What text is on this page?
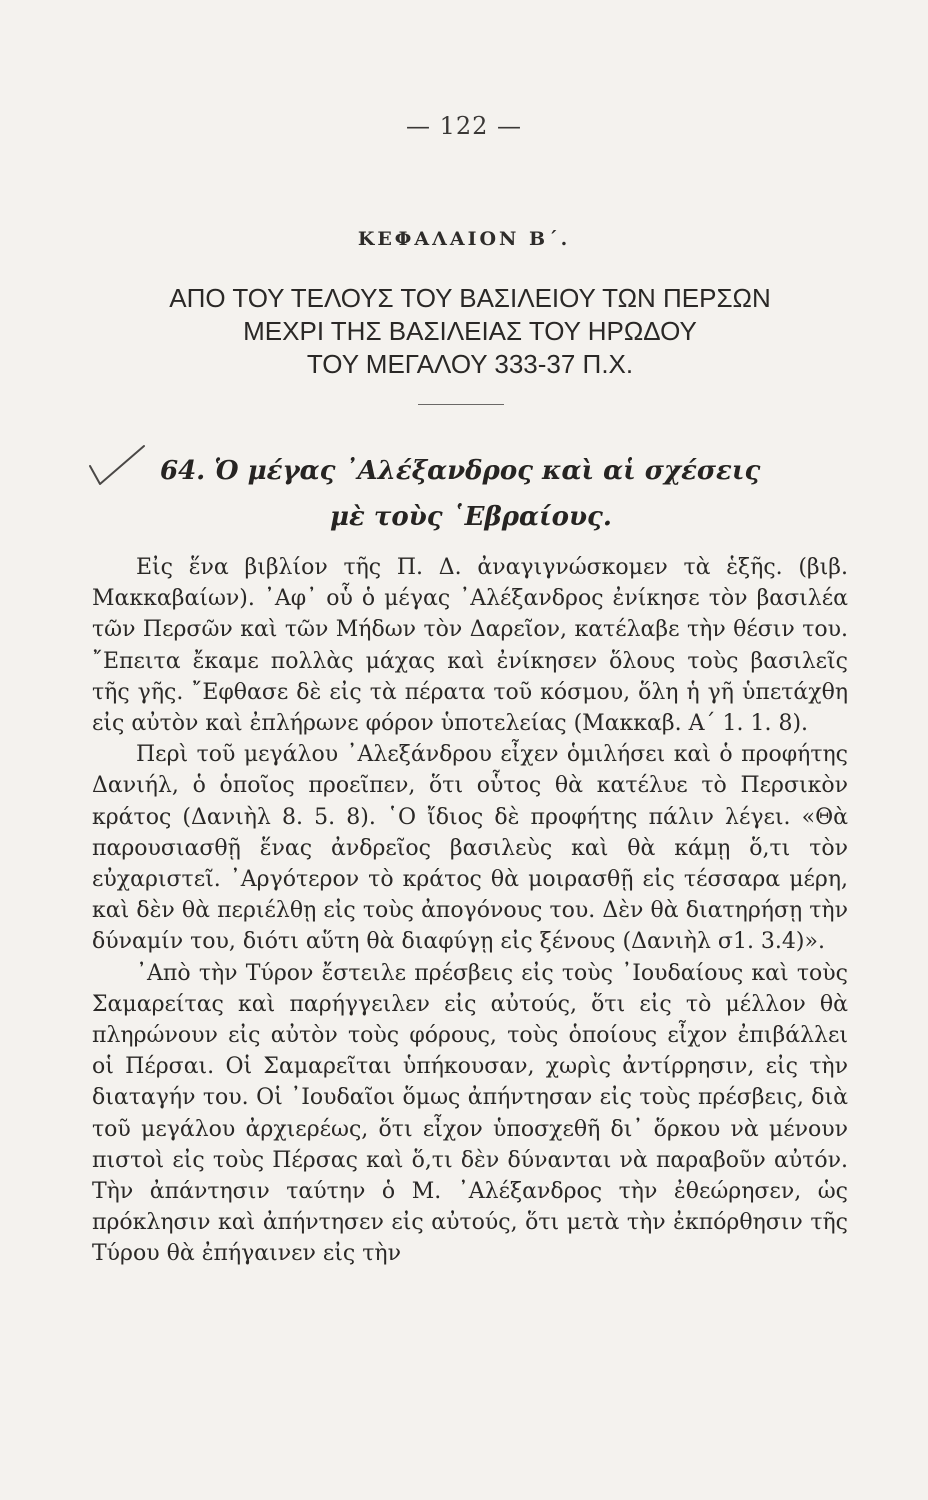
— 122 —
ΚΕΦΑΛΑΙΟΝ Β΄.
ΑΠΟ ΤΟΥ ΤΕΛΟΥΣ ΤΟΥ ΒΑΣΙΛΕΙΟΥ ΤΩΝ ΠΕΡΣΩΝ
ΜΕΧΡΙ ΤΗΣ ΒΑΣΙΛΕΙΑΣ ΤΟΥ ΗΡΩΔΟΥ
ΤΟΥ ΜΕΓΑΛΟΥ 333-37 Π.Χ.
64. Ὁ μέγας ᾿Αλέξανδρος καὶ αἱ σχέσεις
μὲ τοὺς ῾Εβραίους.

Εἰς ἕνα βιβλίον τῆς Π. Δ. ἀναγιγνώσκομεν τὰ ἑξῆς. (βιβ. Μακκαβαίων). ᾿Αφ᾿ οὗ ὁ μέγας ᾿Αλέξανδρος ἐνίκησε τὸν βασιλέα τῶν Περσῶν καὶ τῶν Μήδων τὸν Δαρεῖον, κατέλαβε τὴν θέσιν του. ῎Επειτα ἔκαμε πολλὰς μάχας καὶ ἐνίκησεν ὅλους τοὺς βασιλεῖς τῆς γῆς. ῎Εφθασε δὲ εἰς τὰ πέρατα τοῦ κόσμου, ὅλη ἡ γῆ ὑπετάχθη εἰς αὐτὸν καὶ ἐπλήρωνε φόρον ὑποτελείας (Μακκαβ. Α΄ 1. 1. 8).

Περὶ τοῦ μεγάλου ᾿Αλεξάνδρου εἶχεν ὁμιλήσει καὶ ὁ προφήτης Δανιήλ, ὁ ὁποῖος προεῖπεν, ὅτι οὗτος θὰ κατέλυε τὸ Περσικὸν κράτος (Δανιὴλ 8. 5. 8). ῾Ο ἴδιος δὲ προφήτης πάλιν λέγει. «Θὰ παρουσιασθῇ ἕνας ἀνδρεῖος βασιλεὺς καὶ θὰ κάμῃ ὅ,τι τὸν εὐχαριστεῖ. ᾿Αργότερον τὸ κράτος θὰ μοιρασθῇ εἰς τέσσαρα μέρη, καὶ δὲν θὰ περιέλθῃ εἰς τοὺς ἀπογόνους του. Δὲν θὰ διατηρήσῃ τὴν δύναμίν του, διότι αὕτη θὰ διαφύγῃ εἰς ξένους (Δανιὴλ σ1. 3.4)».

᾿Απὸ τὴν Τύρον ἔστειλε πρέσβεις εἰς τοὺς ᾿Ιουδαίους καὶ τοὺς Σαμαρείτας καὶ παρήγγειλεν εἰς αὐτούς, ὅτι εἰς τὸ μέλλον θὰ πληρώνουν εἰς αὐτὸν τοὺς φόρους, τοὺς ὁποίους εἶχον ἐπιβάλλει οἱ Πέρσαι. Οἱ Σαμαρεῖται ὑπήκουσαν, χωρὶς ἀντίρρησιν, εἰς τὴν διαταγήν του. Οἱ ᾿Ιουδαῖοι ὅμως ἀπήντησαν εἰς τοὺς πρέσβεις, διὰ τοῦ μεγάλου ἀρχιερέως, ὅτι εἶχον ὑποσχεθῆ δι᾿ ὅρκου νὰ μένουν πιστοὶ εἰς τοὺς Πέρσας καὶ ὅ,τι δὲν δύνανται νὰ παραβοῦν αὐτόν. Τὴν ἀπάντησιν ταύτην ὁ Μ. ᾿Αλέξανδρος τὴν ἐθεώρησεν, ὡς πρόκλησιν καὶ ἀπήντησεν εἰς αὐτούς, ὅτι μετὰ τὴν ἐκπόρθησιν τῆς Τύρου θὰ ἐπήγαινεν εἰς τὴν
